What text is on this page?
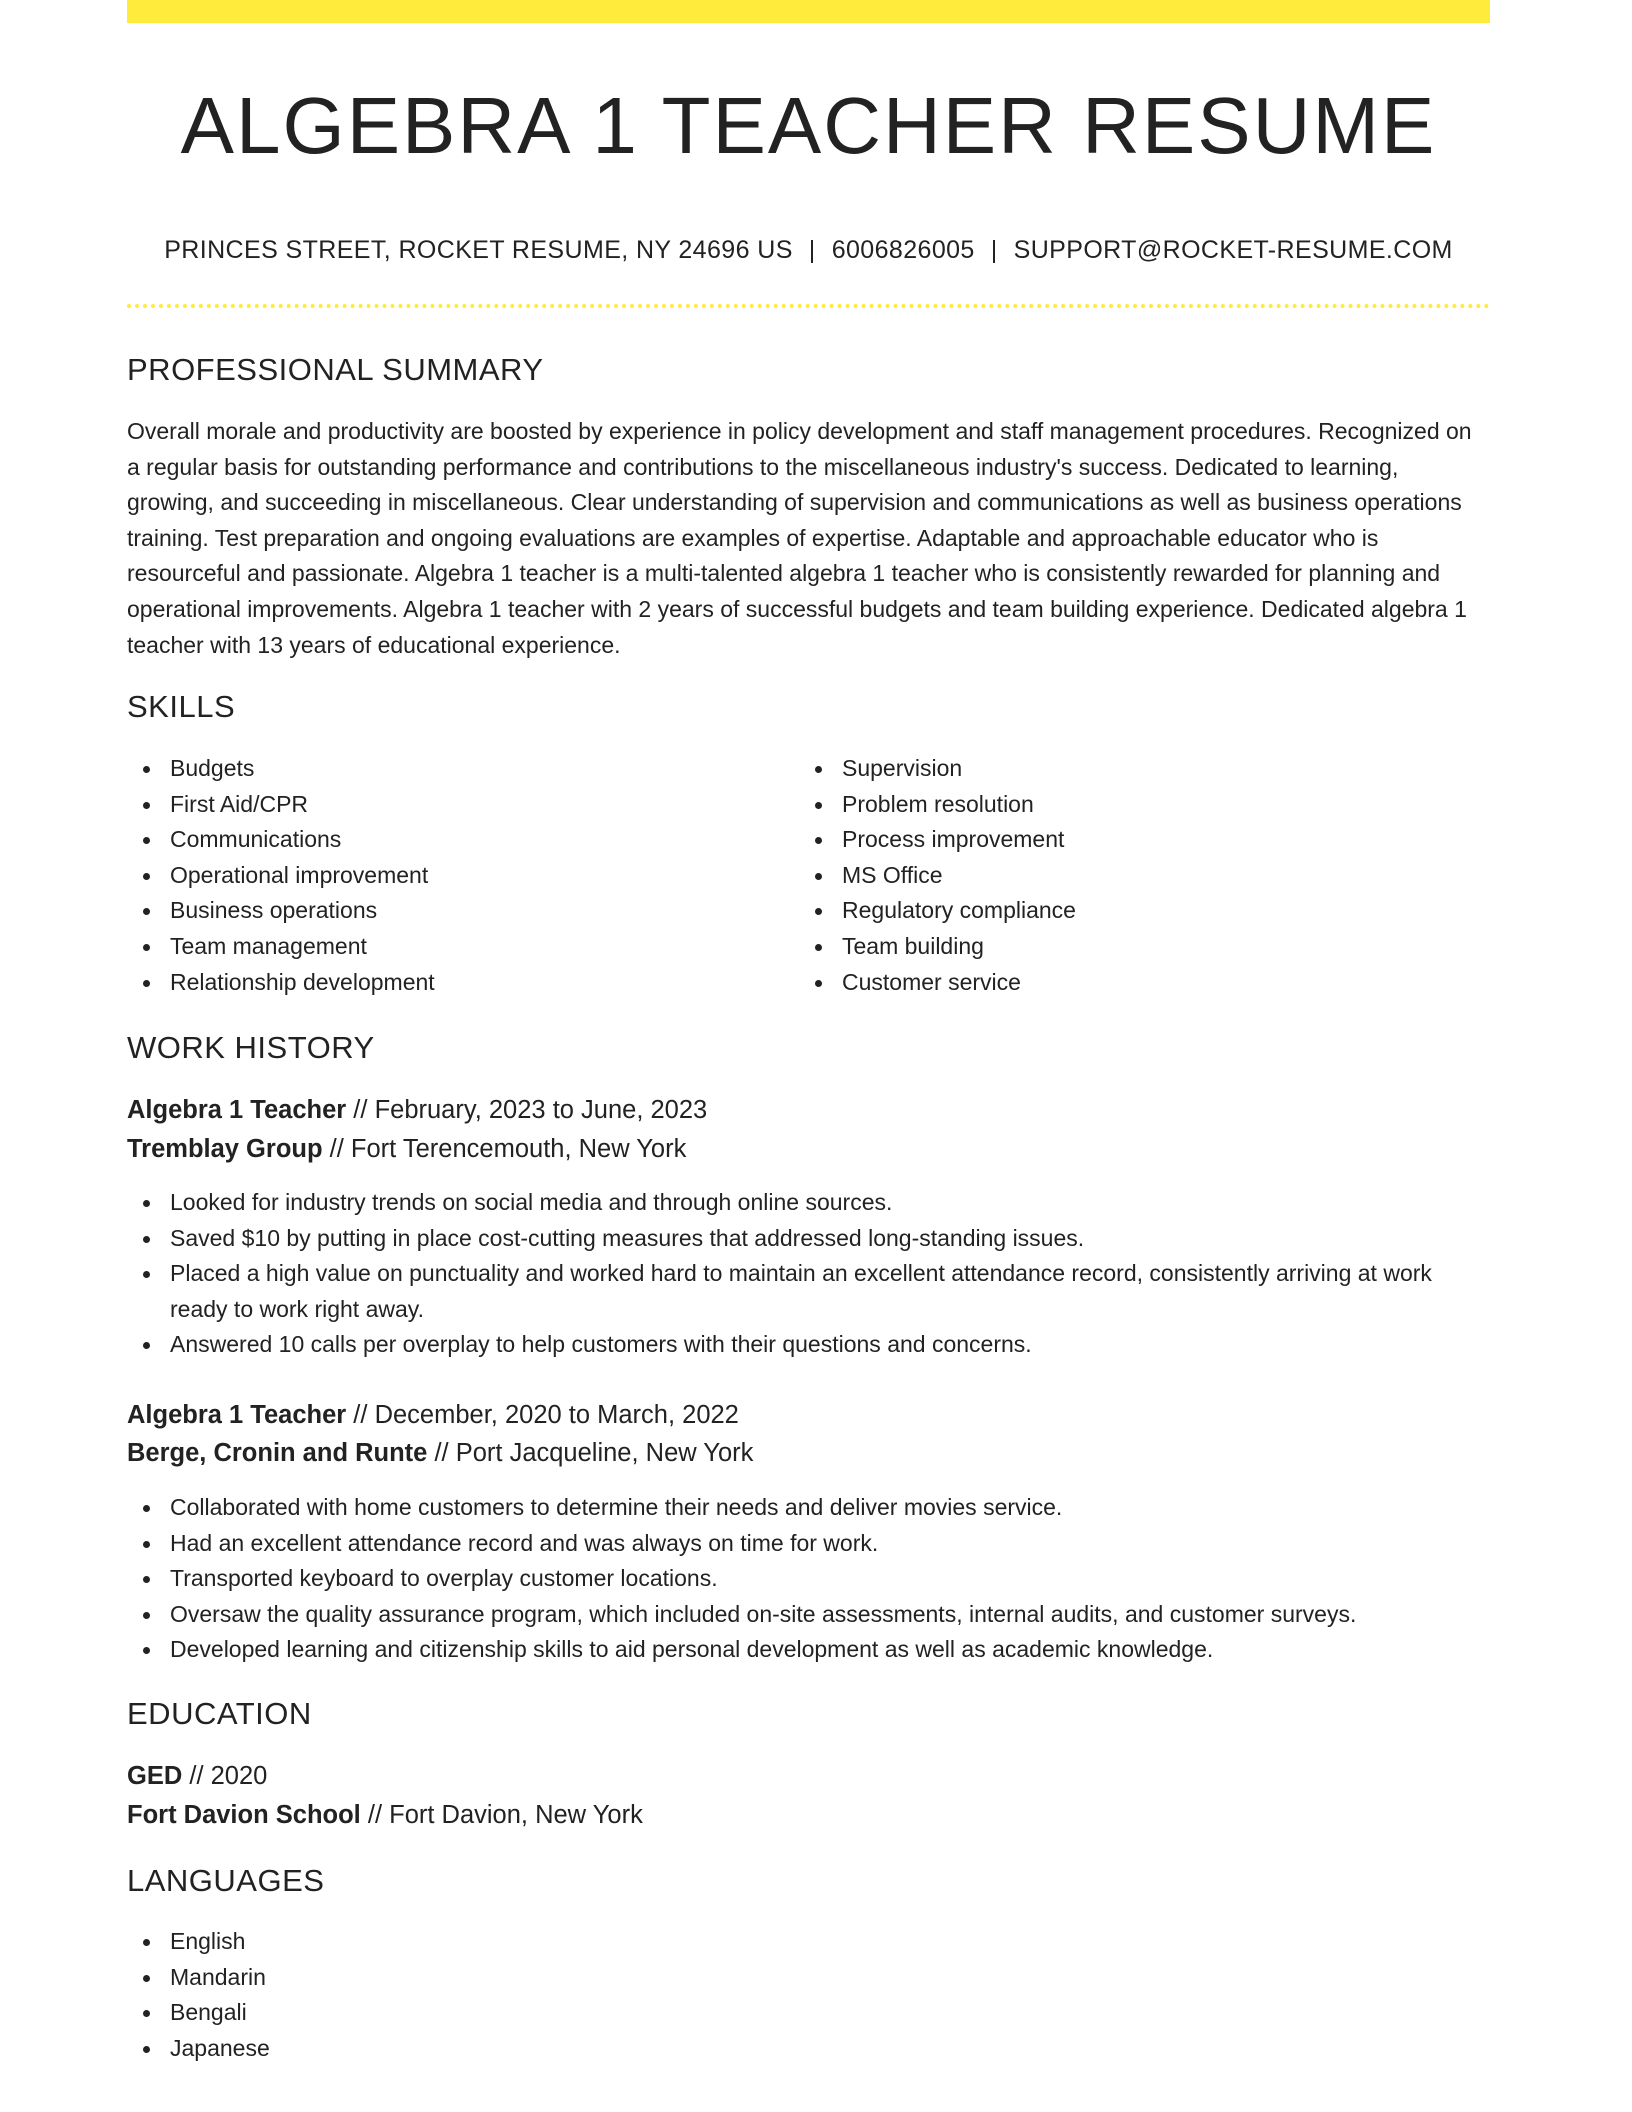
ALGEBRA 1 TEACHER RESUME
PRINCES STREET, ROCKET RESUME, NY 24696 US | 6006826005 | SUPPORT@ROCKET-RESUME.COM
PROFESSIONAL SUMMARY

Overall morale and productivity are boosted by experience in policy development and staff management procedures. Recognized on a regular basis for outstanding performance and contributions to the miscellaneous industry's success. Dedicated to learning, growing, and succeeding in miscellaneous. Clear understanding of supervision and communications as well as business operations training. Test preparation and ongoing evaluations are examples of expertise. Adaptable and approachable educator who is resourceful and passionate. Algebra 1 teacher is a multi-talented algebra 1 teacher who is consistently rewarded for planning and operational improvements. Algebra 1 teacher with 2 years of successful budgets and team building experience. Dedicated algebra 1 teacher with 13 years of educational experience.

SKILLS
Budgets
First Aid/CPR
Communications
Operational improvement
Business operations
Team management
Relationship development
Supervision
Problem resolution
Process improvement
MS Office
Regulatory compliance
Team building
Customer service
WORK HISTORY
Algebra 1 Teacher // February, 2023 to June, 2023
Tremblay Group // Fort Terencemouth, New York
Looked for industry trends on social media and through online sources.
Saved $10 by putting in place cost-cutting measures that addressed long-standing issues.
Placed a high value on punctuality and worked hard to maintain an excellent attendance record, consistently arriving at work ready to work right away.
Answered 10 calls per overplay to help customers with their questions and concerns.
Algebra 1 Teacher // December, 2020 to March, 2022
Berge, Cronin and Runte // Port Jacqueline, New York
Collaborated with home customers to determine their needs and deliver movies service.
Had an excellent attendance record and was always on time for work.
Transported keyboard to overplay customer locations.
Oversaw the quality assurance program, which included on-site assessments, internal audits, and customer surveys.
Developed learning and citizenship skills to aid personal development as well as academic knowledge.
EDUCATION
GED // 2020
Fort Davion School // Fort Davion, New York
LANGUAGES
English
Mandarin
Bengali
Japanese
